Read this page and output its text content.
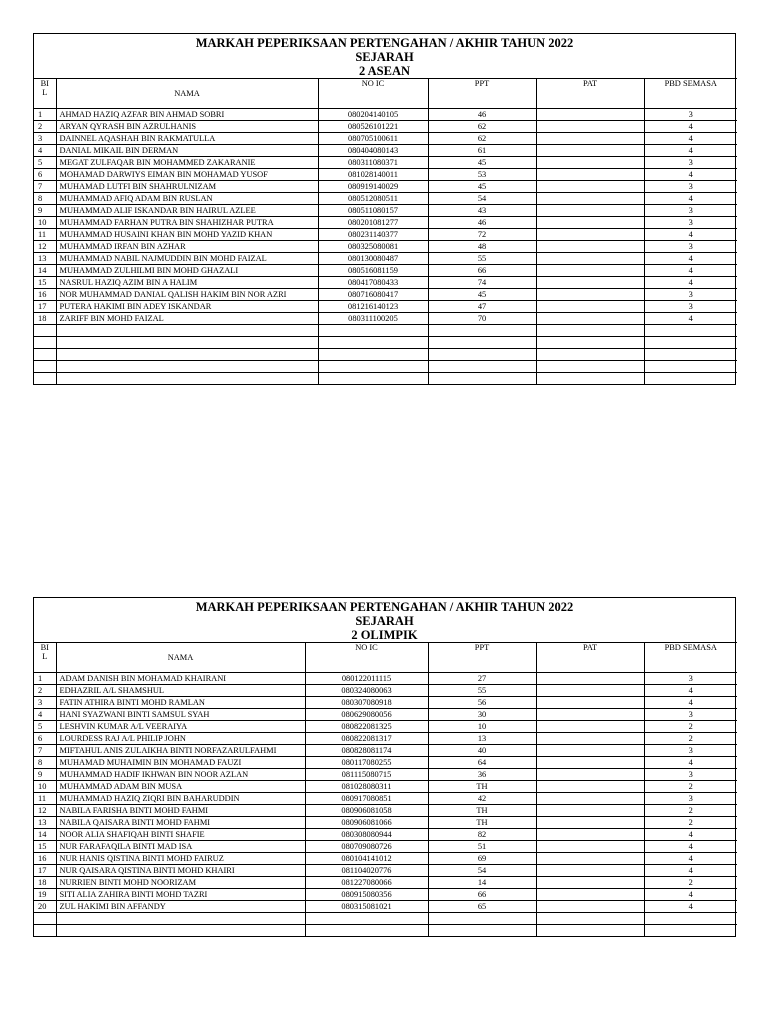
MARKAH PEPERIKSAAN PERTENGAHAN / AKHIR TAHUN 2022
SEJARAH
2 ASEAN
BI
L	NAMA	NO IC	PPT	PAT	PBD SEMASA
1	AHMAD HAZIQ AZFAR BIN AHMAD SOBRI	080204140105	46		3
2	ARYAN QYRASH BIN AZRULHANIS	080526101221	62		4
3	DAINNEL AQASHAH BIN RAKMATULLA	080705100611	62		4
4	DANIAL MIKAIL BIN DERMAN	080404080143	61		4
5	MEGAT ZULFAQAR BIN MOHAMMED ZAKARANIE	080311080371	45		3
6	MOHAMAD DARWIYS EIMAN BIN MOHAMAD YUSOF	081028140011	53		4
7	MUHAMAD LUTFI BIN SHAHRULNIZAM	080919140029	45		3
8	MUHAMMAD AFIQ ADAM BIN RUSLAN	080512080511	54		4
9	MUHAMMAD ALIF ISKANDAR BIN HAIRUL AZLEE	080511080157	43		3
10	MUHAMMAD FARHAN PUTRA BIN SHAHIZHAR PUTRA	080201081277	46		3
11	MUHAMMAD HUSAINI KHAN BIN MOHD YAZID KHAN	080231140377	72		4
12	MUHAMMAD IRFAN BIN AZHAR	080325080081	48		3
13	MUHAMMAD NABIL NAJMUDDIN BIN MOHD FAIZAL	080130080487	55		4
14	MUHAMMAD ZULHILMI BIN MOHD GHAZALI	080516081159	66		4
15	NASRUL HAZIQ AZIM BIN A HALIM	080417080433	74		4
16	NOR MUHAMMAD DANIAL QALISH HAKIM BIN NOR AZRI	080716080417	45		3
17	PUTERA HAKIMI BIN ADEY ISKANDAR	081216140123	47		3
18	ZARIFF BIN MOHD FAIZAL	080311100205	70		4

MARKAH PEPERIKSAAN PERTENGAHAN / AKHIR TAHUN 2022
SEJARAH
2 OLIMPIK
BI
L	NAMA	NO IC	PPT	PAT	PBD SEMASA
1	ADAM DANISH BIN MOHAMAD KHAIRANI	080122011115	27		3
2	EDHAZRIL A/L SHAMSHUL	080324080063	55		4
3	FATIN ATHIRA BINTI MOHD RAMLAN	080307080918	56		4
4	HANI SYAZWANI BINTI SAMSUL SYAH	080629080056	30		3
5	LESHVIN KUMAR A/L VEERAIYA	080822081325	10		2
6	LOURDESS RAJ A/L PHILIP JOHN	080822081317	13		2
7	MIFTAHUL ANIS ZULAIKHA BINTI NORFAZARULFAHMI	080828081174	40		3
8	MUHAMAD MUHAIMIN BIN MOHAMAD FAUZI	080117080255	64		4
9	MUHAMMAD HADIF IKHWAN BIN NOOR AZLAN	081115080715	36		3
10	MUHAMMAD ADAM BIN MUSA	081028080311	TH		2
11	MUHAMMAD HAZIQ ZIQRI BIN BAHARUDDIN	080917080851	42		3
12	NABILA FARISHA BINTI MOHD FAHMI	080906081058	TH		2
13	NABILA QAISARA BINTI MOHD FAHMI	080906081066	TH		2
14	NOOR ALIA SHAFIQAH BINTI SHAFIE	080308080944	82		4
15	NUR FARAFAQILA BINTI MAD ISA	080709080726	51		4
16	NUR HANIS QISTINA BINTI MOHD FAIRUZ	080104141012	69		4
17	NUR QAISARA QISTINA BINTI MOHD KHAIRI	081104020776	54		4
18	NURRIEN BINTI MOHD NOORIZAM	081227080066	14		2
19	SITI ALIA ZAHIRA BINTI MOHD TAZRI	080915080356	66		4
20	ZUL HAKIMI BIN AFFANDY	080315081021	65		4
